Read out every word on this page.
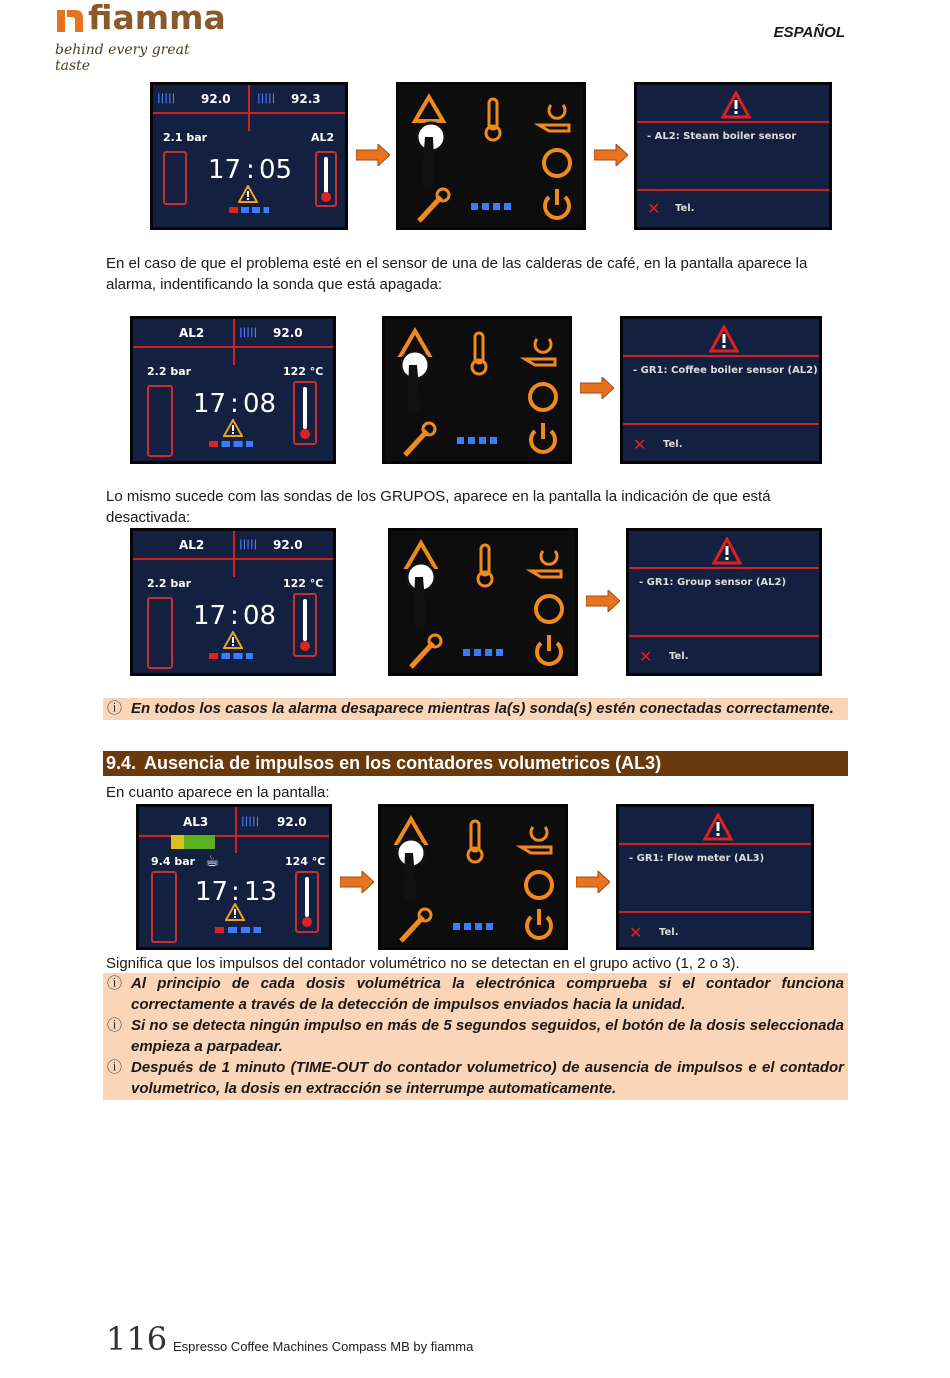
fiamma
behind every great taste
ESPAÑOL
||||| 92.0	||||| 92.3
2.1 bar	AL2
17 : 05
- AL2: Steam boiler sensor
✕ Tel.
En el caso de que el problema esté en el sensor de una de las calderas de café, en la pantalla aparece la alarma, indentificando la sonda que está apagada:
AL2	||||| 92.0
2.2 bar	122 °C
17 : 08
- GR1: Coffee boiler sensor (AL2)
✕ Tel.
Lo mismo sucede com las sondas de los GRUPOS, aparece en la pantalla la indicación de que está desactivada:
AL2	||||| 92.0
2.2 bar	122 °C
17 : 08
- GR1: Group sensor (AL2)
✕ Tel.
ⓘ En todos los casos la alarma desaparece mientras la(s) sonda(s) estén conectadas correctamente.
9.4. Ausencia de impulsos en los contadores volumetricos (AL3)
En cuanto aparece en la pantalla:
AL3	||||| 92.0
9.4 bar ☕	124 °C
17 : 13
- GR1: Flow meter (AL3)
✕ Tel.
Significa que los impulsos del contador volumétrico no se detectan en el grupo activo (1, 2 o 3).
ⓘ Al principio de cada dosis volumétrica la electrónica comprueba si el contador funciona correctamente a través de la detección de impulsos enviados hacia la unidad.
ⓘ Si no se detecta ningún impulso en más de 5 segundos seguidos, el botón de la dosis seleccionada empieza a parpadear.
ⓘ Después de 1 minuto (TIME-OUT do contador volumetrico) de ausencia de impulsos e el contador volumetrico, la dosis en extracción se interrumpe automaticamente.
116 Espresso Coffee Machines Compass MB by fiamma
